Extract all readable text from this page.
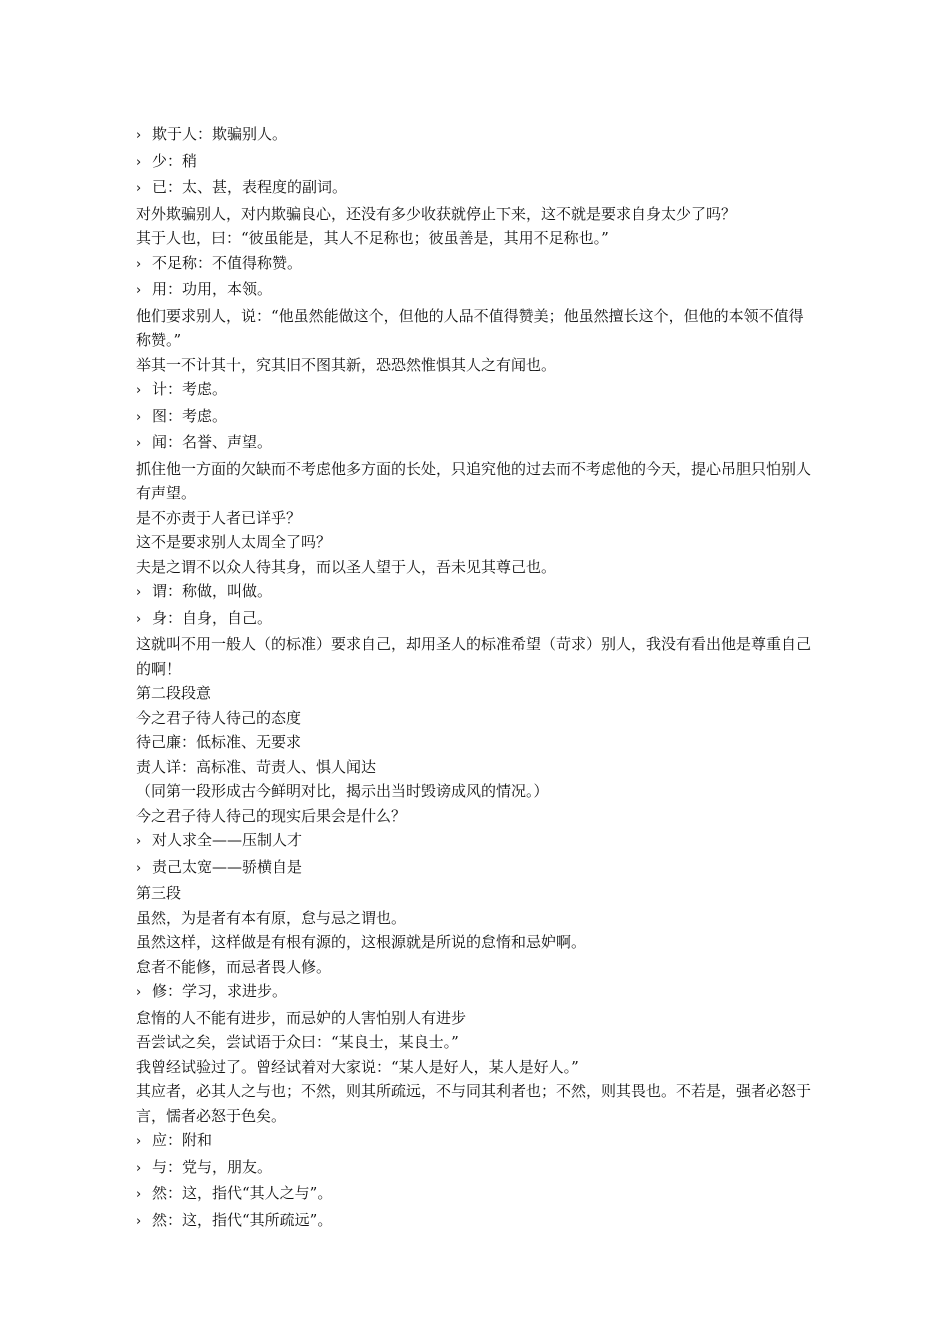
› 欺于人：欺骗别人。
› 少：稍
› 已：太、甚，表程度的副词。
对外欺骗别人，对内欺骗良心，还没有多少收获就停止下来，这不就是要求自身太少了吗？
其于人也，曰：“彼虽能是，其人不足称也；彼虽善是，其用不足称也。”
› 不足称：不值得称赞。
› 用：功用，本领。
他们要求别人，说：“他虽然能做这个，但他的人品不值得赞美；他虽然擅长这个，但他的本领不值得称赞。”
举其一不计其十，究其旧不图其新，恐恐然惟惧其人之有闻也。
› 计：考虑。
› 图：考虑。
› 闻：名誉、声望。
抓住他一方面的欠缺而不考虑他多方面的长处，只追究他的过去而不考虑他的今天，提心吊胆只怕别人有声望。
是不亦责于人者已详乎？
这不是要求别人太周全了吗？
夫是之谓不以众人待其身，而以圣人望于人，吾未见其尊己也。
› 谓：称做，叫做。
› 身：自身，自己。
这就叫不用一般人（的标准）要求自己，却用圣人的标准希望（苛求）别人，我没有看出他是尊重自己的啊！
第二段段意
今之君子待人待己的态度
待己廉：低标准、无要求
责人详：高标准、苛责人、惧人闻达
（同第一段形成古今鲜明对比，揭示出当时毁谤成风的情况。）
今之君子待人待己的现实后果会是什么？
› 对人求全——压制人才
› 责己太宽——骄横自是
第三段
虽然，为是者有本有原，怠与忌之谓也。
虽然这样，这样做是有根有源的，这根源就是所说的怠惰和忌妒啊。
怠者不能修，而忌者畏人修。
› 修：学习，求进步。
怠惰的人不能有进步，而忌妒的人害怕别人有进步
吾尝试之矣，尝试语于众曰：“某良士，某良士。”
我曾经试验过了。曾经试着对大家说：“某人是好人，某人是好人。”
其应者，必其人之与也；不然，则其所疏远，不与同其利者也；不然，则其畏也。不若是，强者必怒于言，懦者必怒于色矣。
› 应：附和
› 与：党与，朋友。
› 然：这，指代“其人之与”。
› 然：这，指代“其所疏远”。
